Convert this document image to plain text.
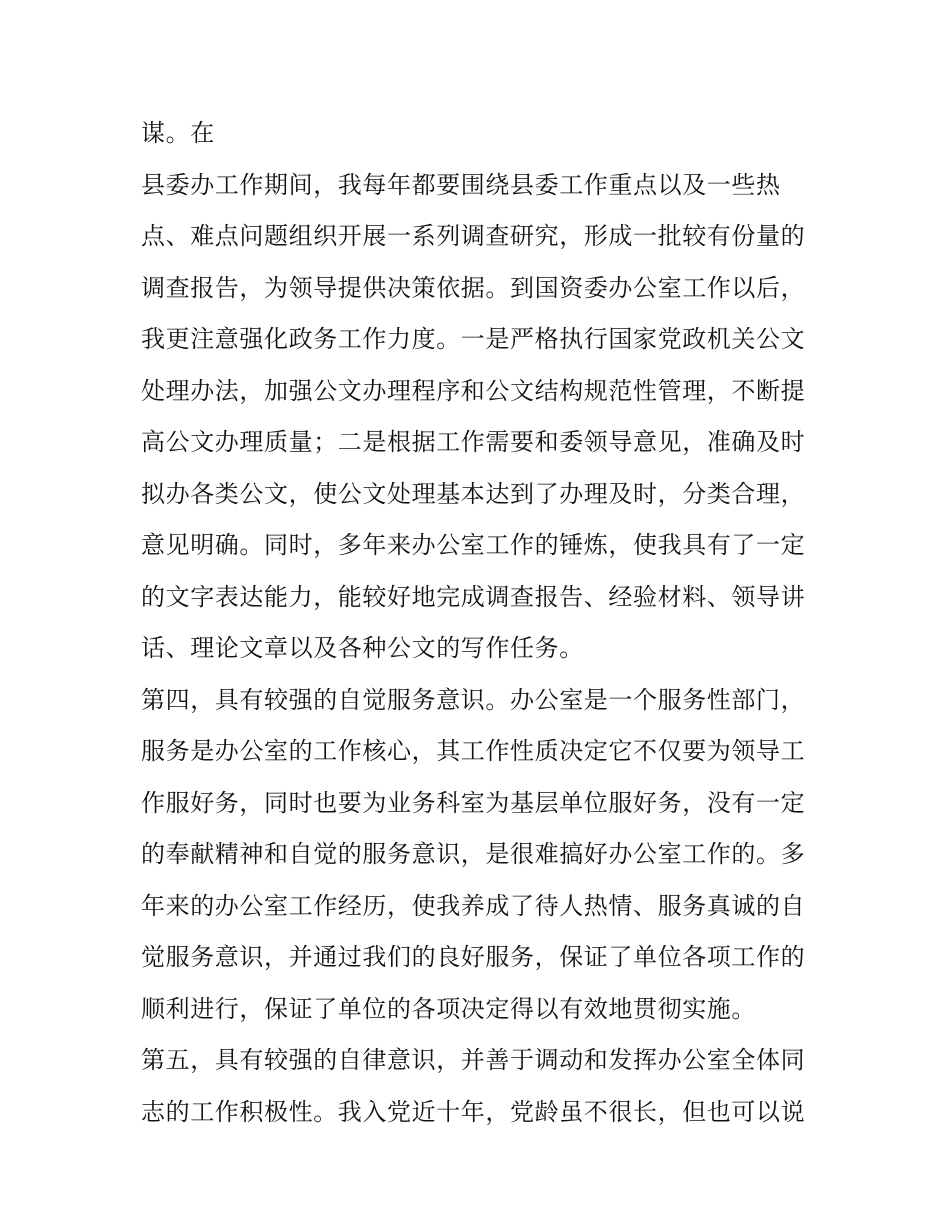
谋。在
县委办工作期间，我每年都要围绕县委工作重点以及一些热
点、难点问题组织开展一系列调查研究，形成一批较有份量的
调查报告，为领导提供决策依据。到国资委办公室工作以后，
我更注意强化政务工作力度。一是严格执行国家党政机关公文
处理办法，加强公文办理程序和公文结构规范性管理，不断提
高公文办理质量；二是根据工作需要和委领导意见，准确及时
拟办各类公文，使公文处理基本达到了办理及时，分类合理，
意见明确。同时，多年来办公室工作的锤炼，使我具有了一定
的文字表达能力，能较好地完成调查报告、经验材料、领导讲
话、理论文章以及各种公文的写作任务。
第四，具有较强的自觉服务意识。办公室是一个服务性部门，
服务是办公室的工作核心，其工作性质决定它不仅要为领导工
作服好务，同时也要为业务科室为基层单位服好务，没有一定
的奉献精神和自觉的服务意识，是很难搞好办公室工作的。多
年来的办公室工作经历，使我养成了待人热情、服务真诚的自
觉服务意识，并通过我们的良好服务，保证了单位各项工作的
顺利进行，保证了单位的各项决定得以有效地贯彻实施。
第五，具有较强的自律意识，并善于调动和发挥办公室全体同
志的工作积极性。我入党近十年，党龄虽不很长，但也可以说
